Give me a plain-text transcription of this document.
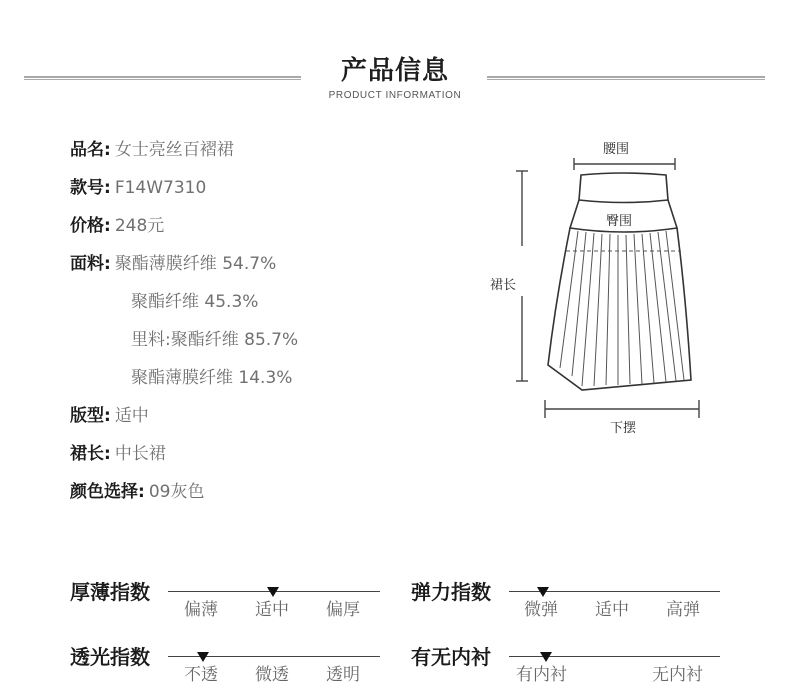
产品信息
PRODUCT INFORMATION
品名: 女士亮丝百褶裙
款号: F14W7310
价格: 248元
面料: 聚酯薄膜纤维 54.7%
聚酯纤维 45.3%
里料:聚酯纤维 85.7%
聚酯薄膜纤维 14.3%
版型: 适中
裙长: 中长裙
颜色选择: 09灰色
腰围
臀围
裙长
下摆
厚薄指数
偏薄 适中 偏厚
弹力指数
微弹 适中 高弹
透光指数
不透 微透 透明
有无内衬
有内衬	无内衬
